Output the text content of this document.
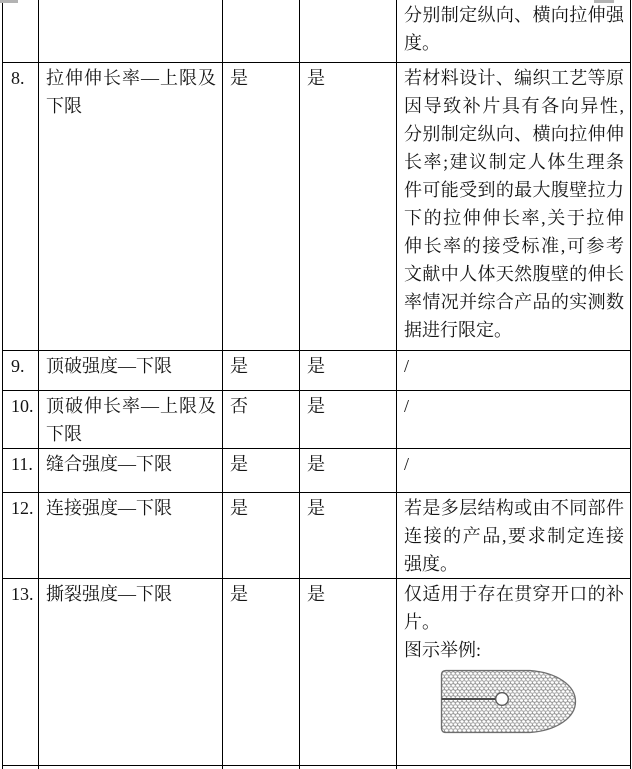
				分别制定纵向、横向拉伸强度。
8.	拉伸伸长率—上限及下限	是	是	若材料设计、编织工艺等原因导致补片具有各向异性,分别制定纵向、横向拉伸伸长率;建议制定人体生理条件可能受到的最大腹壁拉力下的拉伸伸长率,关于拉伸伸长率的接受标准,可参考文献中人体天然腹壁的伸长率情况并综合产品的实测数据进行限定。
9.	顶破强度—下限	是	是	/
10.	顶破伸长率—上限及下限	否	是	/
11.	缝合强度—下限	是	是	/
12.	连接强度—下限	是	是	若是多层结构或由不同部件连接的产品,要求制定连接强度。
13.	撕裂强度—下限	是	是	仅适用于存在贯穿开口的补片。
图示举例:
